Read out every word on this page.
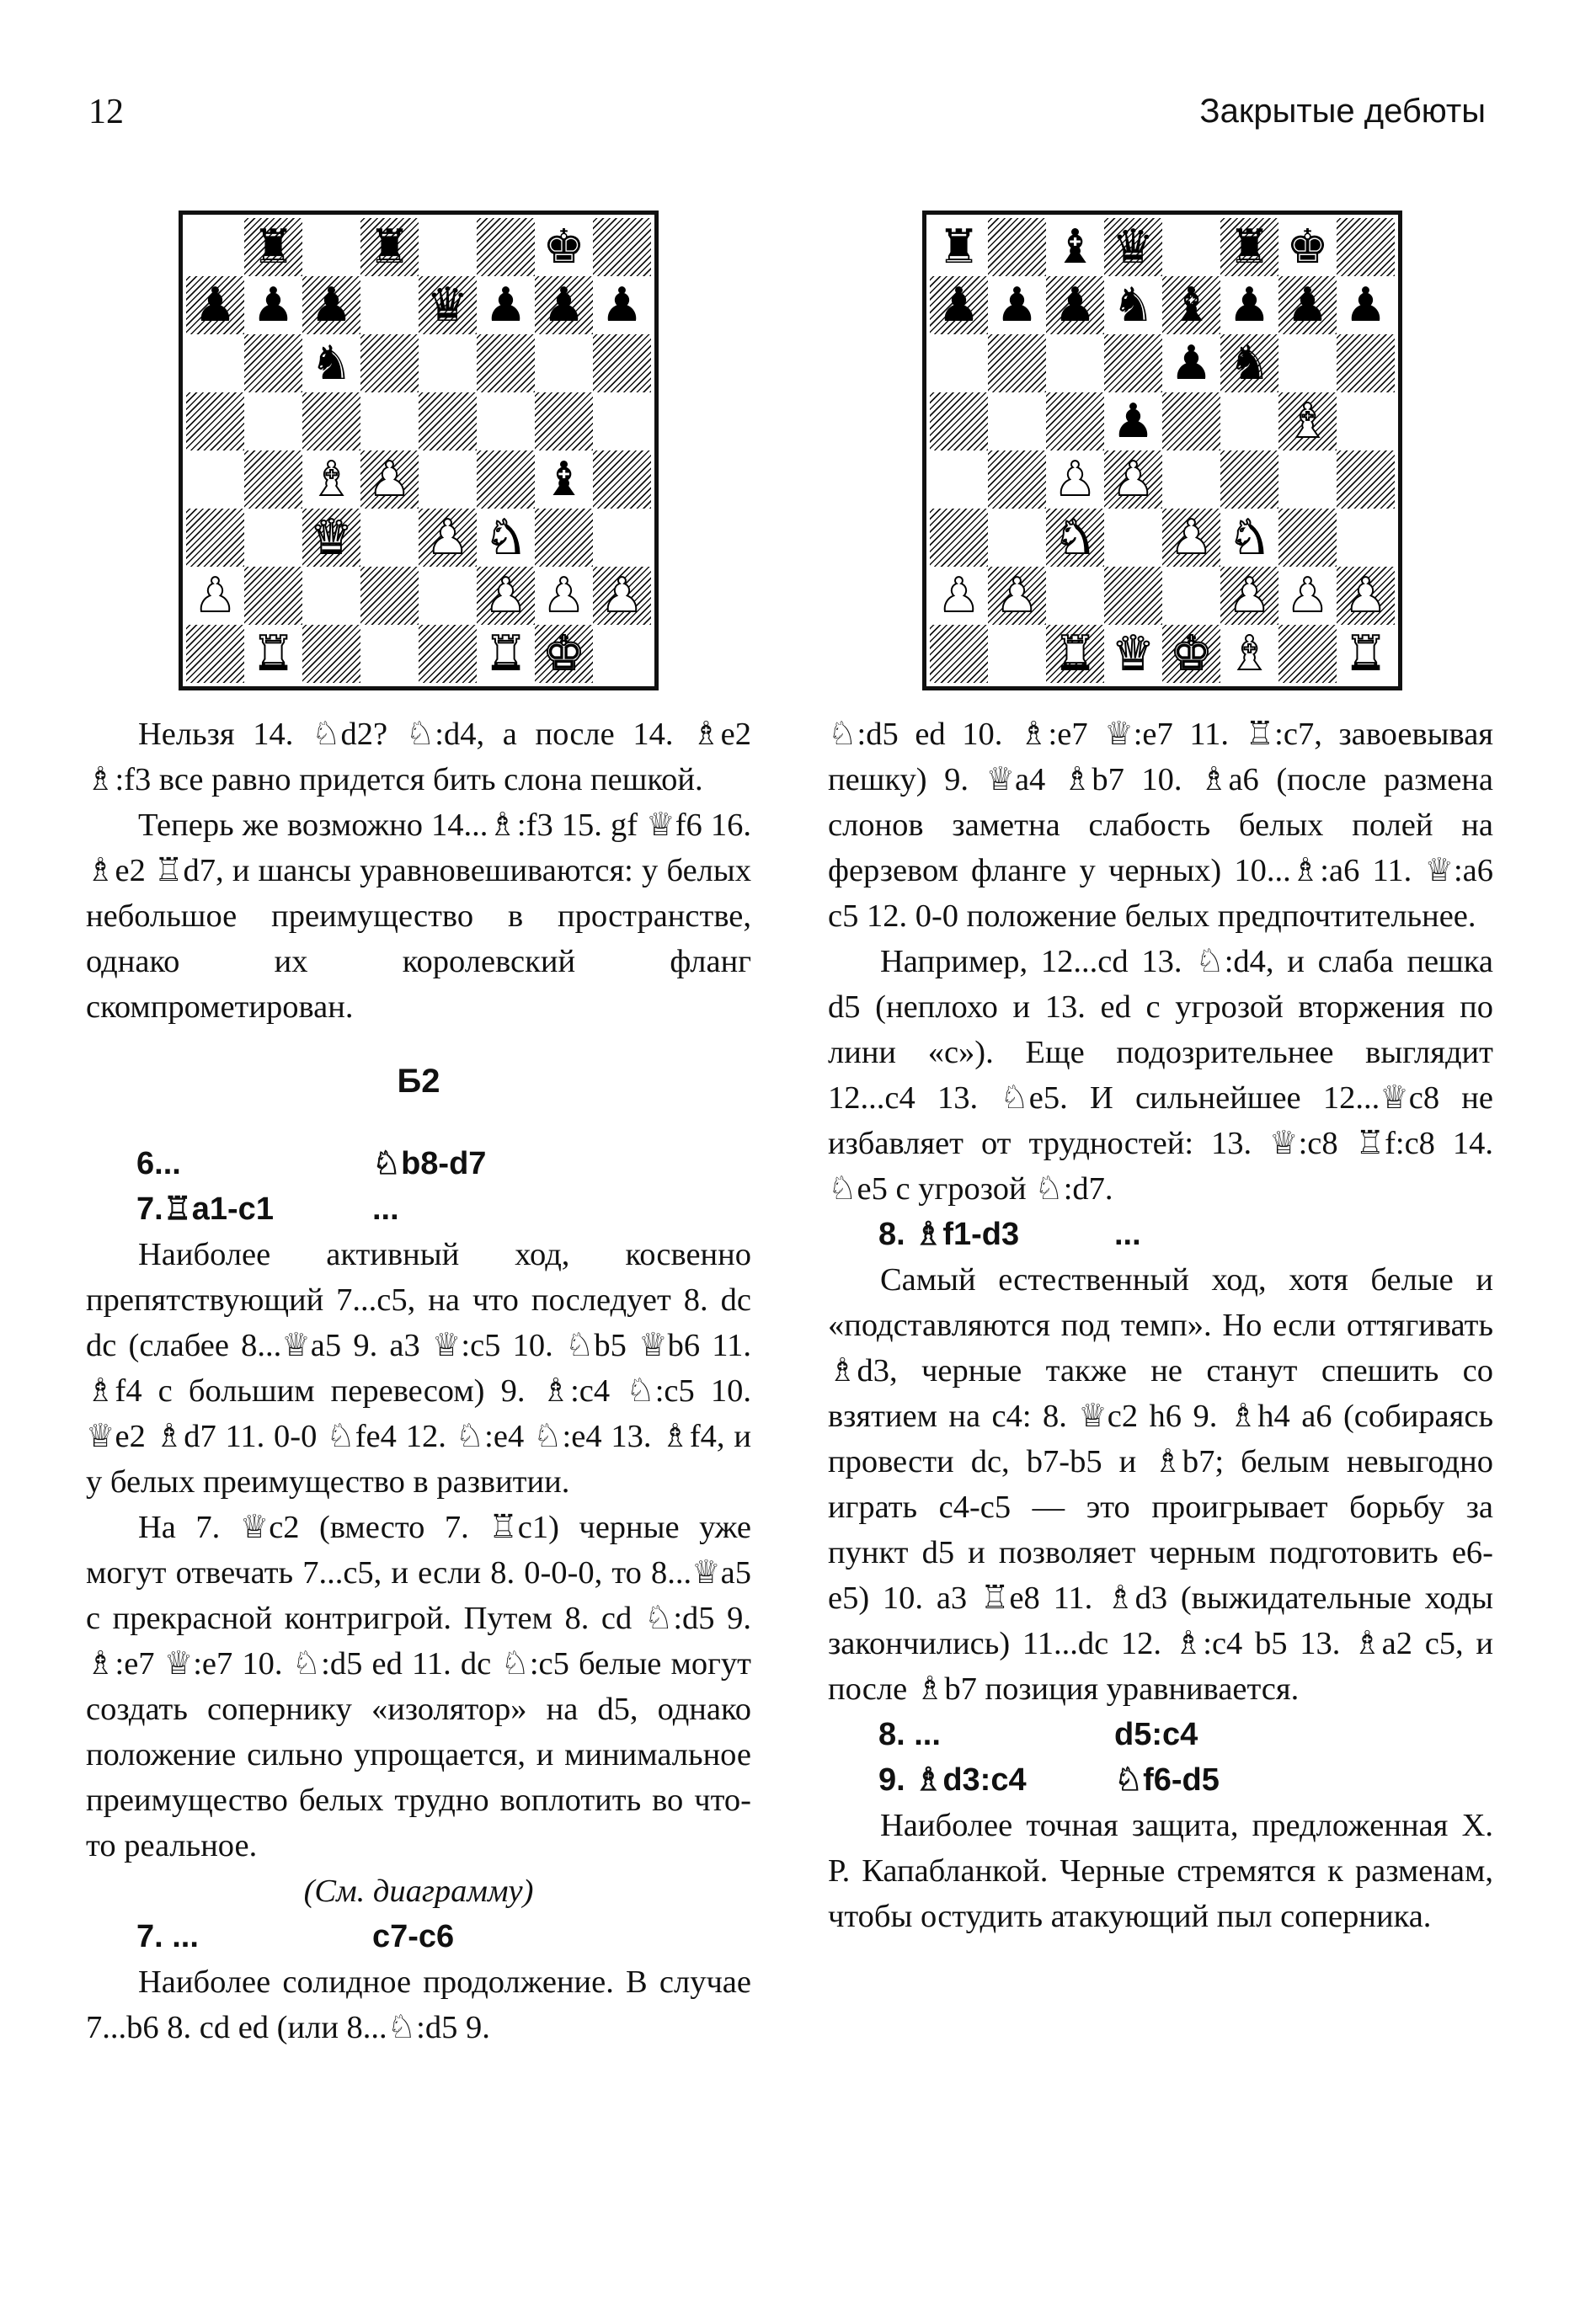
12	Закрытые дебюты
♜ ♜	♚
♟ ♟ ♟ ♛ ♟ ♟ ♟
♞
♝ ♟	♝
♛ ♟ ♞
♟	♟ ♟ ♟
♜	♜ ♚
♜ ♝ ♛ ♜ ♚
♟ ♟ ♟ ♞ ♝ ♟ ♟ ♟
♟ ♞
♟	♝
♟ ♟
♞ ♟ ♞
♟ ♟	♟ ♟ ♟
♜ ♛ ♚ ♝ ♜

Нельзя 14. ♘d2? ♘:d4, а после 14. ♗e2 ♗:f3 все равно придется бить слона пешкой.

Теперь же возможно 14...♗:f3 15. gf ♕f6 16. ♗e2 ♖d7, и шансы уравновешиваются: у белых небольшое преимущество в пространстве, однако их королевский фланг скомпрометирован.

Б2
6...	♘b8-d7
7.♖a1-c1	...

Наиболее активный ход, косвенно препятствующий 7...c5, на что последует 8. dc dc (слабее 8...♕a5 9. a3 ♕:c5 10. ♘b5 ♕b6 11. ♗f4 с большим перевесом) 9. ♗:c4 ♘:c5 10. ♕e2 ♗d7 11. 0-0 ♘fe4 12. ♘:e4 ♘:e4 13. ♗f4, и у белых преимущество в развитии.

На 7. ♕c2 (вместо 7. ♖c1) черные уже могут отвечать 7...c5, и если 8. 0-0-0, то 8...♕a5 с прекрасной контригрой. Путем 8. cd ♘:d5 9. ♗:e7 ♕:e7 10. ♘:d5 ed 11. dc ♘:c5 белые могут создать сопернику «изолятор» на d5, однако положение сильно упрощается, и минимальное преимущество белых трудно воплотить во что-то реальное.

(См. диаграмму)
7. ...	c7-c6

Наиболее солидное продолжение. В случае 7...b6 8. cd ed (или 8...♘:d5 9.

♘:d5 ed 10. ♗:e7 ♕:e7 11. ♖:c7, завоевывая пешку) 9. ♕a4 ♗b7 10. ♗a6 (после размена слонов заметна слабость белых полей на ферзевом фланге у черных) 10...♗:a6 11. ♕:a6 c5 12. 0-0 положение белых предпочтительнее.

Например, 12...cd 13. ♘:d4, и слаба пешка d5 (неплохо и 13. ed с угрозой вторжения по лини «c»). Еще подозрительнее выглядит 12...c4 13. ♘e5. И сильнейшее 12...♕c8 не избавляет от трудностей: 13. ♕:c8 ♖f:c8 14. ♘e5 с угрозой ♘:d7.

8. ♗f1-d3	...

Самый естественный ход, хотя белые и «подставляются под темп». Но если оттягивать ♗d3, черные также не станут спешить со взятием на c4: 8. ♕c2 h6 9. ♗h4 a6 (собираясь провести dc, b7-b5 и ♗b7; белым невыгодно играть c4-c5 — это проигрывает борьбу за пункт d5 и позволяет черным подготовить e6-e5) 10. a3 ♖e8 11. ♗d3 (выжидательные ходы закончились) 11...dc 12. ♗:c4 b5 13. ♗a2 c5, и после ♗b7 позиция уравнивается.

8. ...	d5:c4
9. ♗d3:c4	♘f6-d5

Наиболее точная защита, предложенная Х. Р. Капабланкой. Черные стремятся к разменам, чтобы остудить атакующий пыл соперника.
